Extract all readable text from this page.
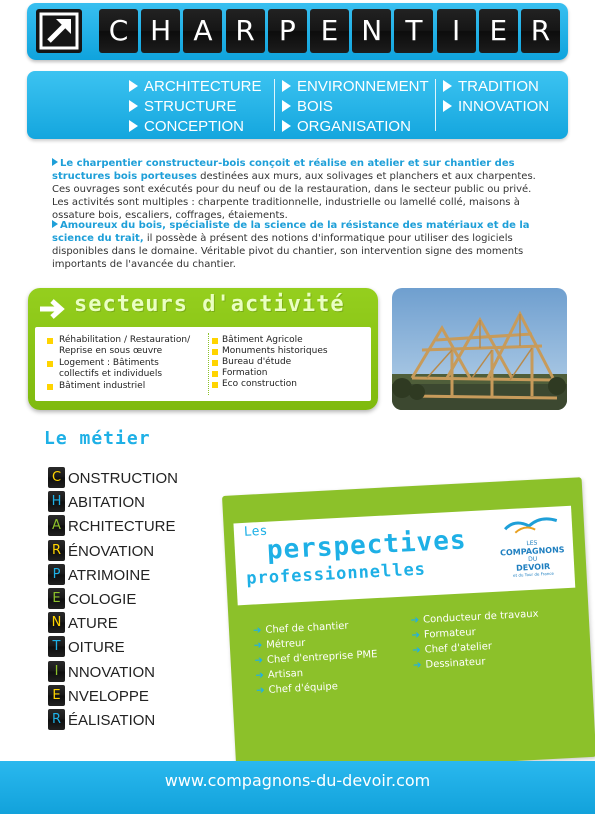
C H A R P E N T	I	E R
ARCHITECTURE
STRUCTURE
CONCEPTION
ENVIRONNEMENT
BOIS
ORGANISATION
TRADITION
INNOVATION
Le charpentier constructeur-bois conçoit et réalise en atelier et sur chantier des structures bois porteuses destinées aux murs, aux solivages et planchers et aux charpentes. Ces ouvrages sont exécutés pour du neuf ou de la restauration, dans le secteur public ou privé. Les activités sont multiples : charpente traditionnelle, industrielle ou lamellé collé, maisons à ossature bois, escaliers, coffrages, étaiements.
Amoureux du bois, spécialiste de la science de la résistance des matériaux et de la science du trait, il possède à présent des notions d'informatique pour utiliser des logiciels disponibles dans le domaine. Véritable pivot du chantier, son intervention signe des moments importants de l'avancée du chantier.
secteurs d'activité
Réhabilitation / Restauration/ Reprise en sous œuvre
Logement : Bâtiments collectifs et individuels
Bâtiment industriel
Bâtiment Agricole
Monuments historiques
Bureau d'étude
Formation
Eco construction
Le métier
C ONSTRUCTION
H ABITATION
A RCHITECTURE
R ÉNOVATION
P ATRIMOINE
E COLOGIE
N ATURE
T OITURE
I NNOVATION
E NVELOPPE
R ÉALISATION
Les
perspectives
professionnelles
LES
COMPAGNONS
DU
DEVOIR
et du Tour de France
➔ Chef de chantier
➔ Métreur
➔ Chef d'entreprise PME
➔ Artisan
➔ Chef d'équipe
➔ Conducteur de travaux
➔ Formateur
➔ Chef d'atelier
➔ Dessinateur
www.compagnons-du-devoir.com
